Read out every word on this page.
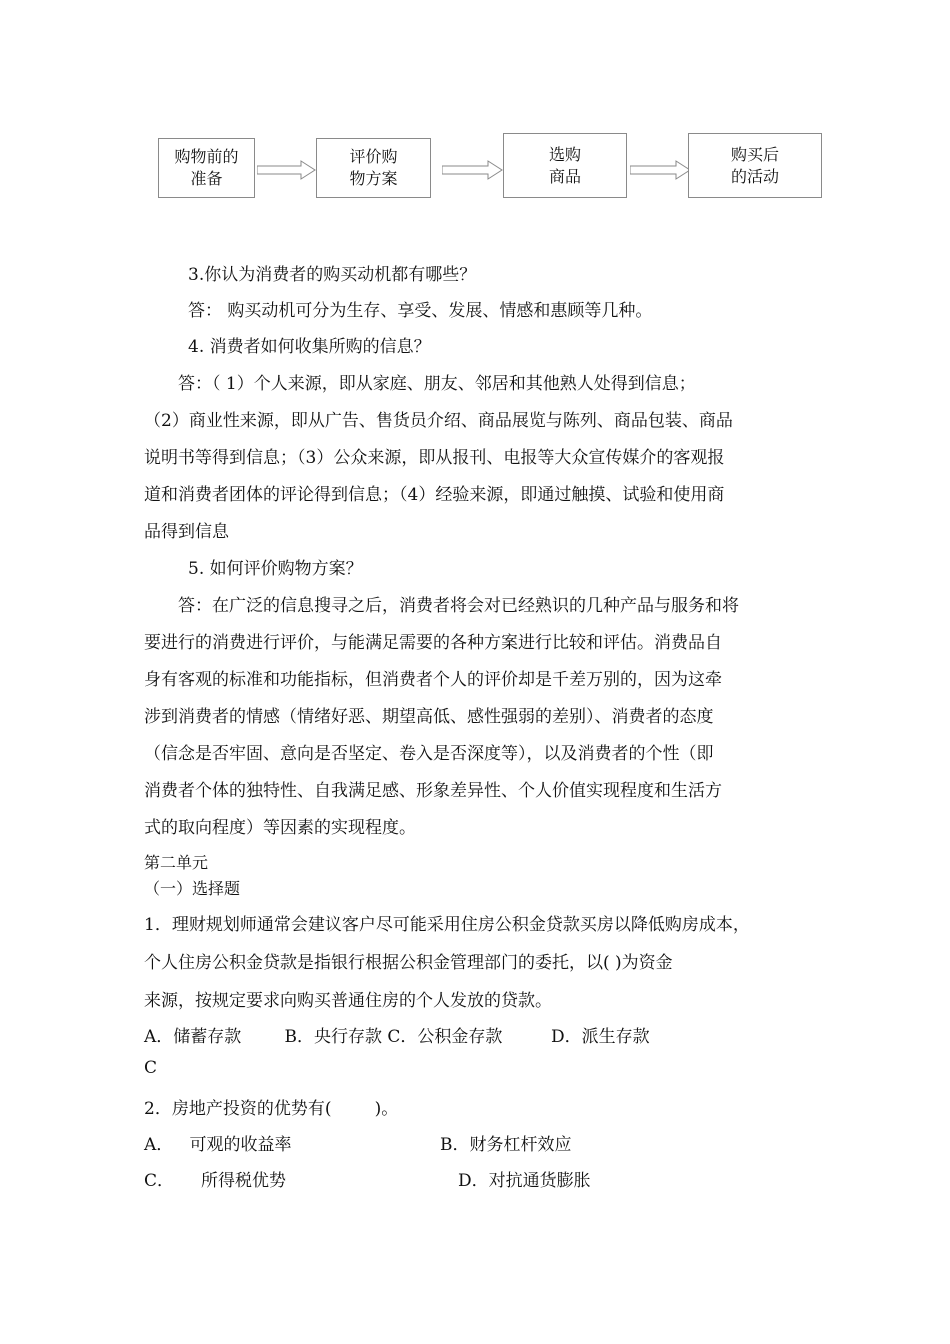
购物前的
准备
评价购
物方案
选购
商品
购买后
的活动
3.你认为消费者的购买动机都有哪些？
答： 购买动机可分为生存、享受、发展、情感和惠顾等几种。
4. 消费者如何收集所购的信息？
答：（ 1）个人来源，即从家庭、朋友、邻居和其他熟人处得到信息；
（2）商业性来源，即从广告、售货员介绍、商品展览与陈列、商品包装、商品
说明书等得到信息；（3）公众来源，即从报刊、电报等大众宣传媒介的客观报
道和消费者团体的评论得到信息；（4）经验来源，即通过触摸、试验和使用商
品得到信息
5. 如何评价购物方案？
答：在广泛的信息搜寻之后，消费者将会对已经熟识的几种产品与服务和将
要进行的消费进行评价，与能满足需要的各种方案进行比较和评估。消费品自
身有客观的标准和功能指标，但消费者个人的评价却是千差万别的，因为这牵
涉到消费者的情感（情绪好恶、期望高低、感性强弱的差别）、消费者的态度
（信念是否牢固、意向是否坚定、卷入是否深度等），以及消费者的个性（即
消费者个体的独特性、自我满足感、形象差异性、个人价值实现程度和生活方
式的取向程度）等因素的实现程度。
第二单元
（一）选择题
1．理财规划师通常会建议客户尽可能采用住房公积金贷款买房以降低购房成本，
个人住房公积金贷款是指银行根据公积金管理部门的委托，以( )为资金
来源，按规定要求向购买普通住房的个人发放的贷款。
A．储蓄存款        B．央行存款 C．公积金存款         D．派生存款
C
2．房地产投资的优势有(        )。
A．   可观的收益率	B．财务杠杆效应
C．     所得税优势	D．对抗通货膨胀
